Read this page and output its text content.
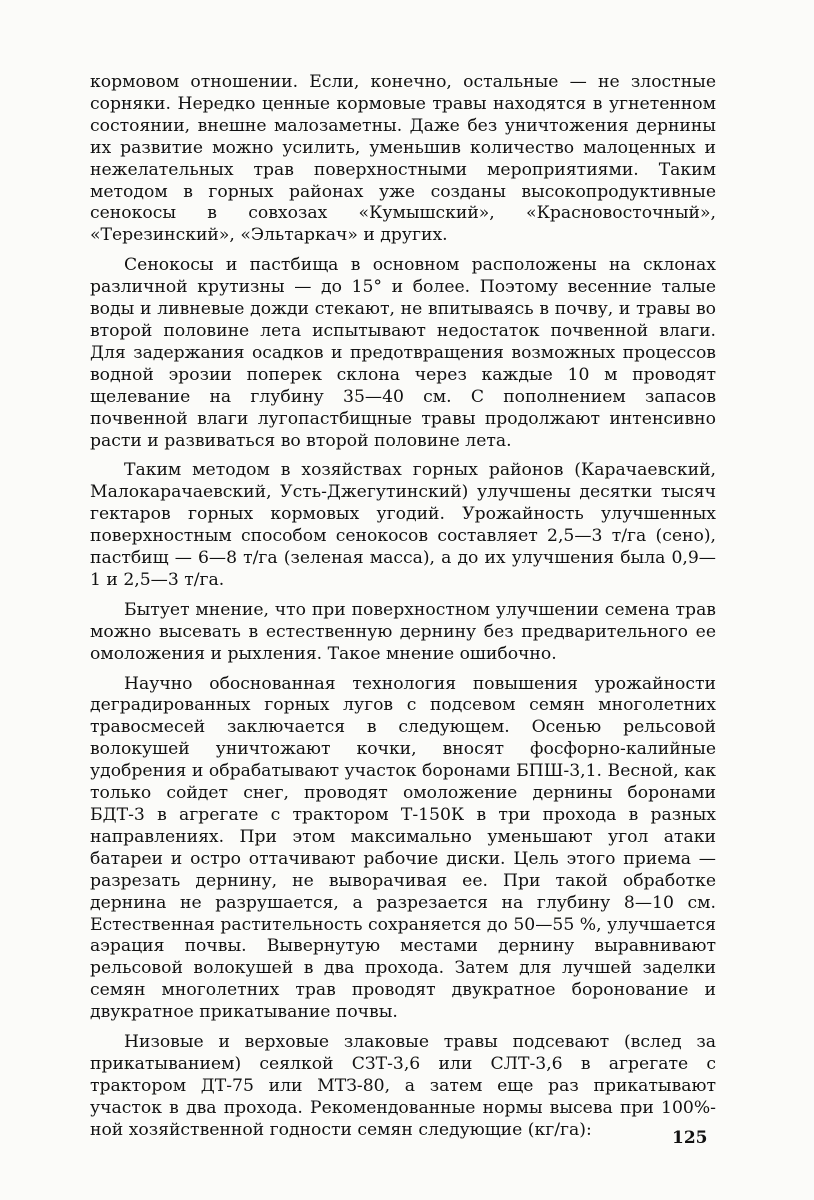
кормовом отношении. Если, конечно, остальные — не злостные сорняки. Нередко ценные кормовые травы находятся в угнетенном состоянии, внешне малозаметны. Даже без уничтожения дернины их развитие можно усилить, уменьшив количество малоценных и нежелательных трав поверхностными мероприятиями. Таким методом в горных районах уже созданы высокопродуктивные сенокосы в совхозах «Кумышский», «Красновосточный», «Терезинский», «Эльтаркач» и других.

Сенокосы и пастбища в основном расположены на склонах различной крутизны — до 15° и более. Поэтому весенние талые воды и ливневые дожди стекают, не впитываясь в почву, и травы во второй половине лета испытывают недостаток почвенной влаги. Для задержания осадков и предотвращения возможных процессов водной эрозии поперек склона через каждые 10 м проводят щелевание на глубину 35—40 см. С пополнением запасов почвенной влаги лугопастбищные травы продолжают интенсивно расти и развиваться во второй половине лета.

Таким методом в хозяйствах горных районов (Карачаевский, Малокарачаевский, Усть-Джегутинский) улучшены десятки тысяч гектаров горных кормовых угодий. Урожайность улучшенных поверхностным способом сенокосов составляет 2,5—3 т/га (сено), пастбищ — 6—8 т/га (зеленая масса), а до их улучшения была 0,9—1 и 2,5—3 т/га.

Бытует мнение, что при поверхностном улучшении семена трав можно высевать в естественную дернину без предварительного ее омоложения и рыхления. Такое мнение ошибочно.

Научно обоснованная технология повышения урожайности деградированных горных лугов с подсевом семян многолетних травосмесей заключается в следующем. Осенью рельсовой волокушей уничтожают кочки, вносят фосфорно-калийные удобрения и обрабатывают участок боронами БПШ-3,1. Весной, как только сойдет снег, проводят омоложение дернины боронами БДТ-3 в агрегате с трактором Т-150К в три прохода в разных направлениях. При этом максимально уменьшают угол атаки батареи и остро оттачивают рабочие диски. Цель этого приема — разрезать дернину, не выворачивая ее. При такой обработке дернина не разрушается, а разрезается на глубину 8—10 см. Естественная растительность сохраняется до 50—55 %, улучшается аэрация почвы. Вывернутую местами дернину выравнивают рельсовой волокушей в два прохода. Затем для лучшей заделки семян многолетних трав проводят двукратное боронование и двукратное прикатывание почвы.

Низовые и верховые злаковые травы подсевают (вслед за прикатыванием) сеялкой СЗТ-3,6 или СЛТ-3,6 в агрегате с трактором ДТ-75 или МТЗ-80, а затем еще раз прикатывают участок в два прохода. Рекомендованные нормы высева при 100%-ной хозяйственной годности семян следующие (кг/га):	125
